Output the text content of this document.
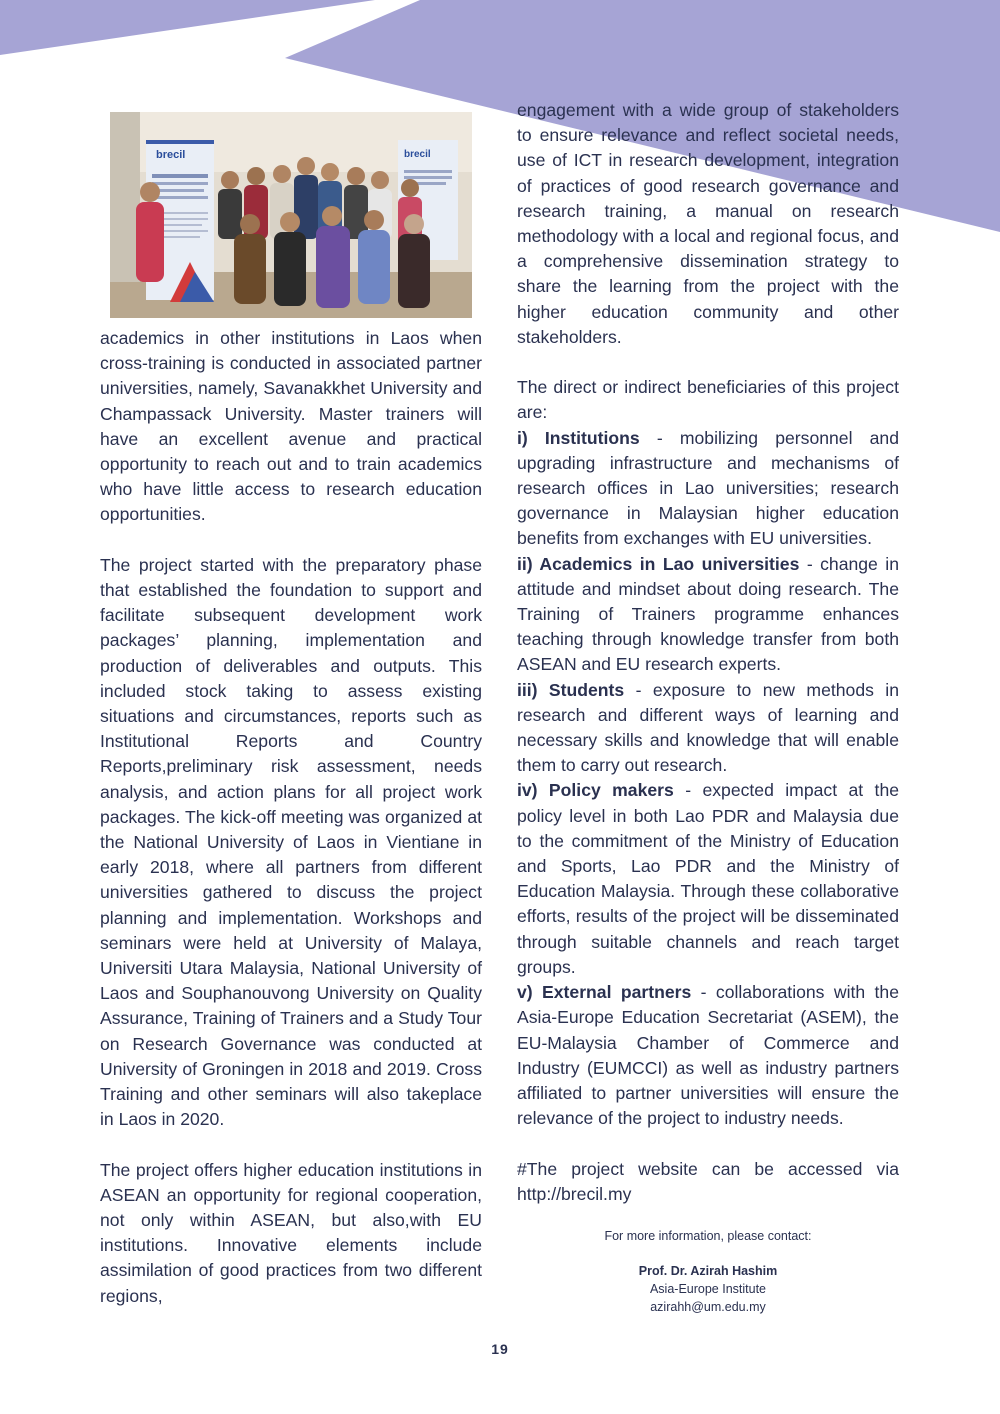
brecil	brecil

academics in other institutions in Laos when cross-training is conducted in associated partner universities, namely, Savanakkhet University and Champassack University. Master trainers will have an excellent avenue and practical opportunity to reach out and to train academics who have little access to research education opportunities.

The project started with the preparatory phase that established the foundation to support and facilitate subsequent development work packages’ planning, implementation and production of deliverables and outputs. This included stock taking to assess existing situations and circumstances, reports such as Institutional Reports and Country Reports,preliminary risk assessment, needs analysis, and action plans for all project work packages. The kick-off meeting was organized at the National University of Laos in Vientiane in early 2018, where all partners from different universities gathered to discuss the project planning and implementation. Workshops and seminars were held at University of Malaya, Universiti Utara Malaysia, National University of Laos and Souphanouvong University on Quality Assurance, Training of Trainers and a Study Tour on Research Governance was conducted at University of Groningen in 2018 and 2019. Cross Training and other seminars will also takeplace in Laos in 2020.

The project offers higher education institutions in ASEAN an opportunity for regional cooperation, not only within ASEAN, but also,with EU institutions. Innovative elements include assimilation of good practices from two different regions,

engagement with a wide group of stakeholders to ensure relevance and reflect societal needs, use of ICT in research development, integration of practices of good research governance and research training, a manual on research methodology with a local and regional focus, and a comprehensive dissemination strategy to share the learning from the project with the higher education community and other stakeholders.

The direct or indirect beneficiaries of this project are:

i) Institutions - mobilizing personnel and upgrading infrastructure and mechanisms of research offices in Lao universities; research governance in Malaysian higher education benefits from exchanges with EU universities.

ii) Academics in Lao universities - change in attitude and mindset about doing research. The Training of Trainers programme enhances teaching through knowledge transfer from both ASEAN and EU research experts.

iii) Students - exposure to new methods in research and different ways of learning and necessary skills and knowledge that will enable them to carry out research.

iv) Policy makers - expected impact at the policy level in both Lao PDR and Malaysia due to the commitment of the Ministry of Education and Sports, Lao PDR and the Ministry of Education Malaysia. Through these collaborative efforts, results of the project will be disseminated through suitable channels and reach target groups.

v) External partners - collaborations with the Asia-Europe Education Secretariat (ASEM), the EU-Malaysia Chamber of Commerce and Industry (EUMCCI) as well as industry partners affiliated to partner universities will ensure the relevance of the project to industry needs.

#The project website can be accessed via http://brecil.my

For more information, please contact:
Prof. Dr. Azirah Hashim
Asia-Europe Institute
azirahh@um.edu.my
19
